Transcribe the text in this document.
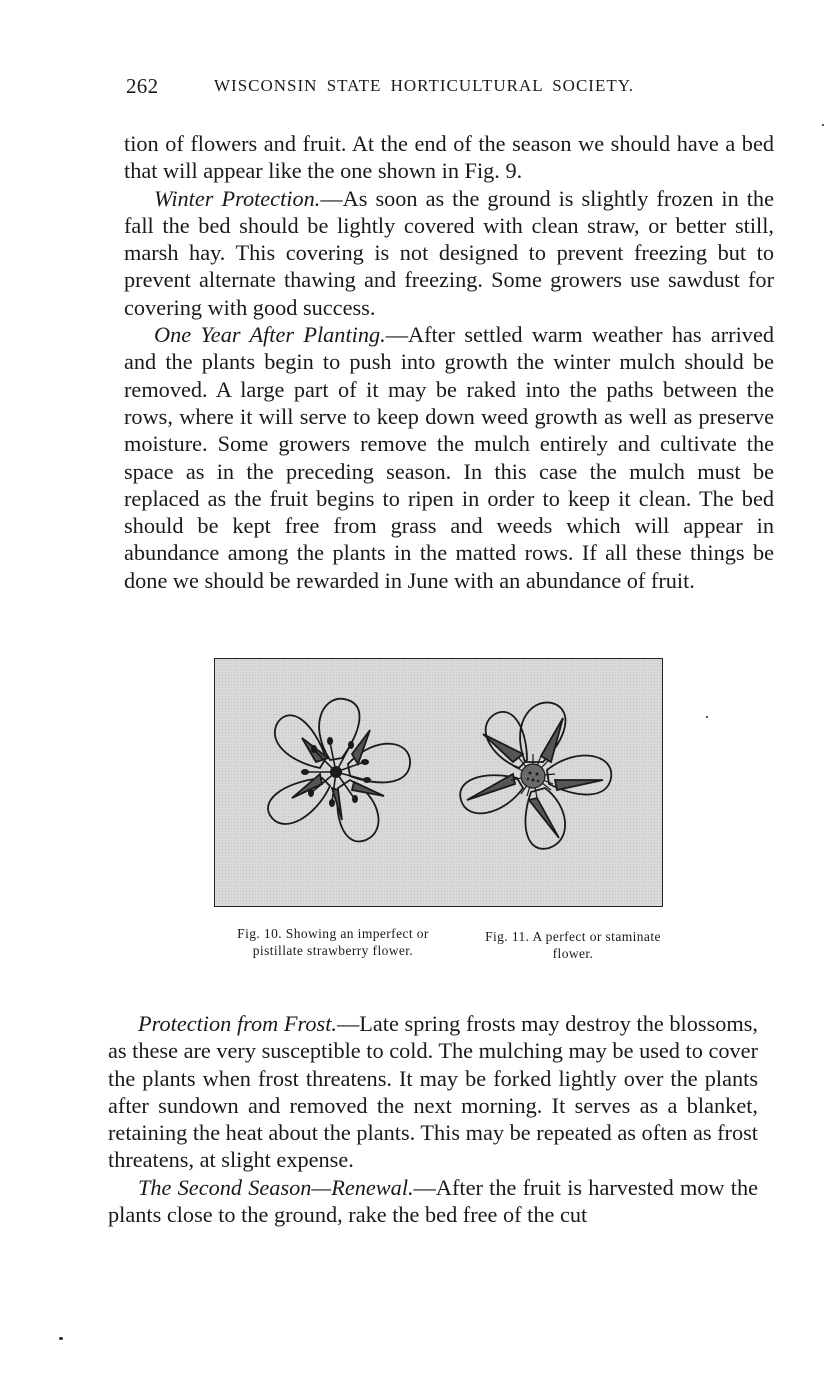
262	WISCONSIN STATE HORTICULTURAL SOCIETY.

tion of flowers and fruit. At the end of the season we should have a bed that will appear like the one shown in Fig. 9.

Winter Protection.—As soon as the ground is slightly frozen in the fall the bed should be lightly covered with clean straw, or better still, marsh hay. This covering is not designed to prevent freezing but to prevent alternate thawing and freezing. Some growers use sawdust for covering with good success.

One Year After Planting.—After settled warm weather has arrived and the plants begin to push into growth the winter mulch should be removed. A large part of it may be raked into the paths between the rows, where it will serve to keep down weed growth as well as preserve moisture. Some growers remove the mulch entirely and cultivate the space as in the preceding season. In this case the mulch must be replaced as the fruit begins to ripen in order to keep it clean. The bed should be kept free from grass and weeds which will appear in abundance among the plants in the matted rows. If all these things be done we should be rewarded in June with an abundance of fruit.

Fig. 10. Showing an imperfect or pistillate strawberry flower.
Fig. 11. A perfect or staminate flower.

Protection from Frost.—Late spring frosts may destroy the blossoms, as these are very susceptible to cold. The mulching may be used to cover the plants when frost threatens. It may be forked lightly over the plants after sundown and removed the next morning. It serves as a blanket, retaining the heat about the plants. This may be repeated as often as frost threatens, at slight expense.

The Second Season—Renewal.—After the fruit is harvested mow the plants close to the ground, rake the bed free of the cut
